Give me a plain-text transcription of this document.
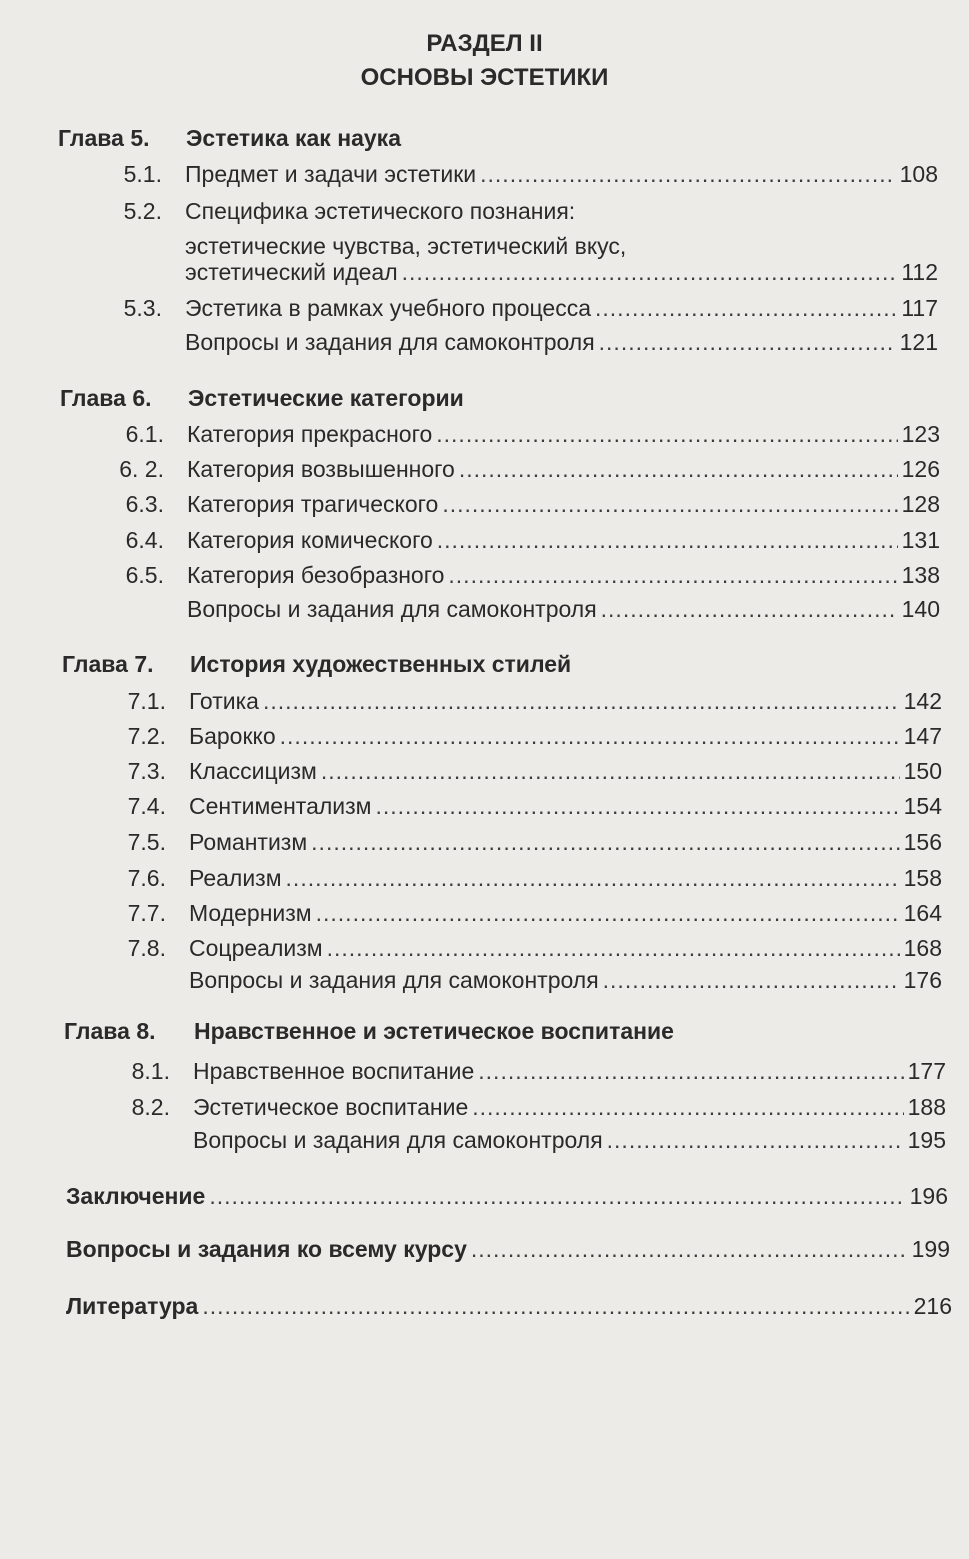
РАЗДЕЛ II
ОСНОВЫ ЭСТЕТИКИ
Глава 5.	Эстетика как наука
5.1.	Предмет и задачи эстетики .....	108
5.2.	Специфика эстетического познания:
эстетические чувства, эстетический вкус,
эстетический идеал .....	112
5.3.	Эстетика в рамках учебного процесса .....	117
Вопросы и задания для самоконтроля .....	121
Глава 6.	Эстетические категории
6.1.	Категория прекрасного .....	123
6. 2.	Категория возвышенного .....	126
6.3.	Категория трагического .....	128
6.4.	Категория комического .....	131
6.5.	Категория безобразного .....	138
Вопросы и задания для самоконтроля .....	140
Глава 7.	История художественных стилей
7.1.	Готика .....	142
7.2.	Барокко .....	147
7.3.	Классицизм .....	150
7.4.	Сентиментализм .....	154
7.5.	Романтизм .....	156
7.6.	Реализм .....	158
7.7.	Модернизм .....	164
7.8.	Соцреализм .....	168
Вопросы и задания для самоконтроля .....	176
Глава 8.	Нравственное и эстетическое воспитание
8.1.	Нравственное воспитание .....	177
8.2.	Эстетическое воспитание .....	188
Вопросы и задания для самоконтроля .....	195
Заключение .....	196
Вопросы и задания ко всему курсу .....	199
Литература .....	216
